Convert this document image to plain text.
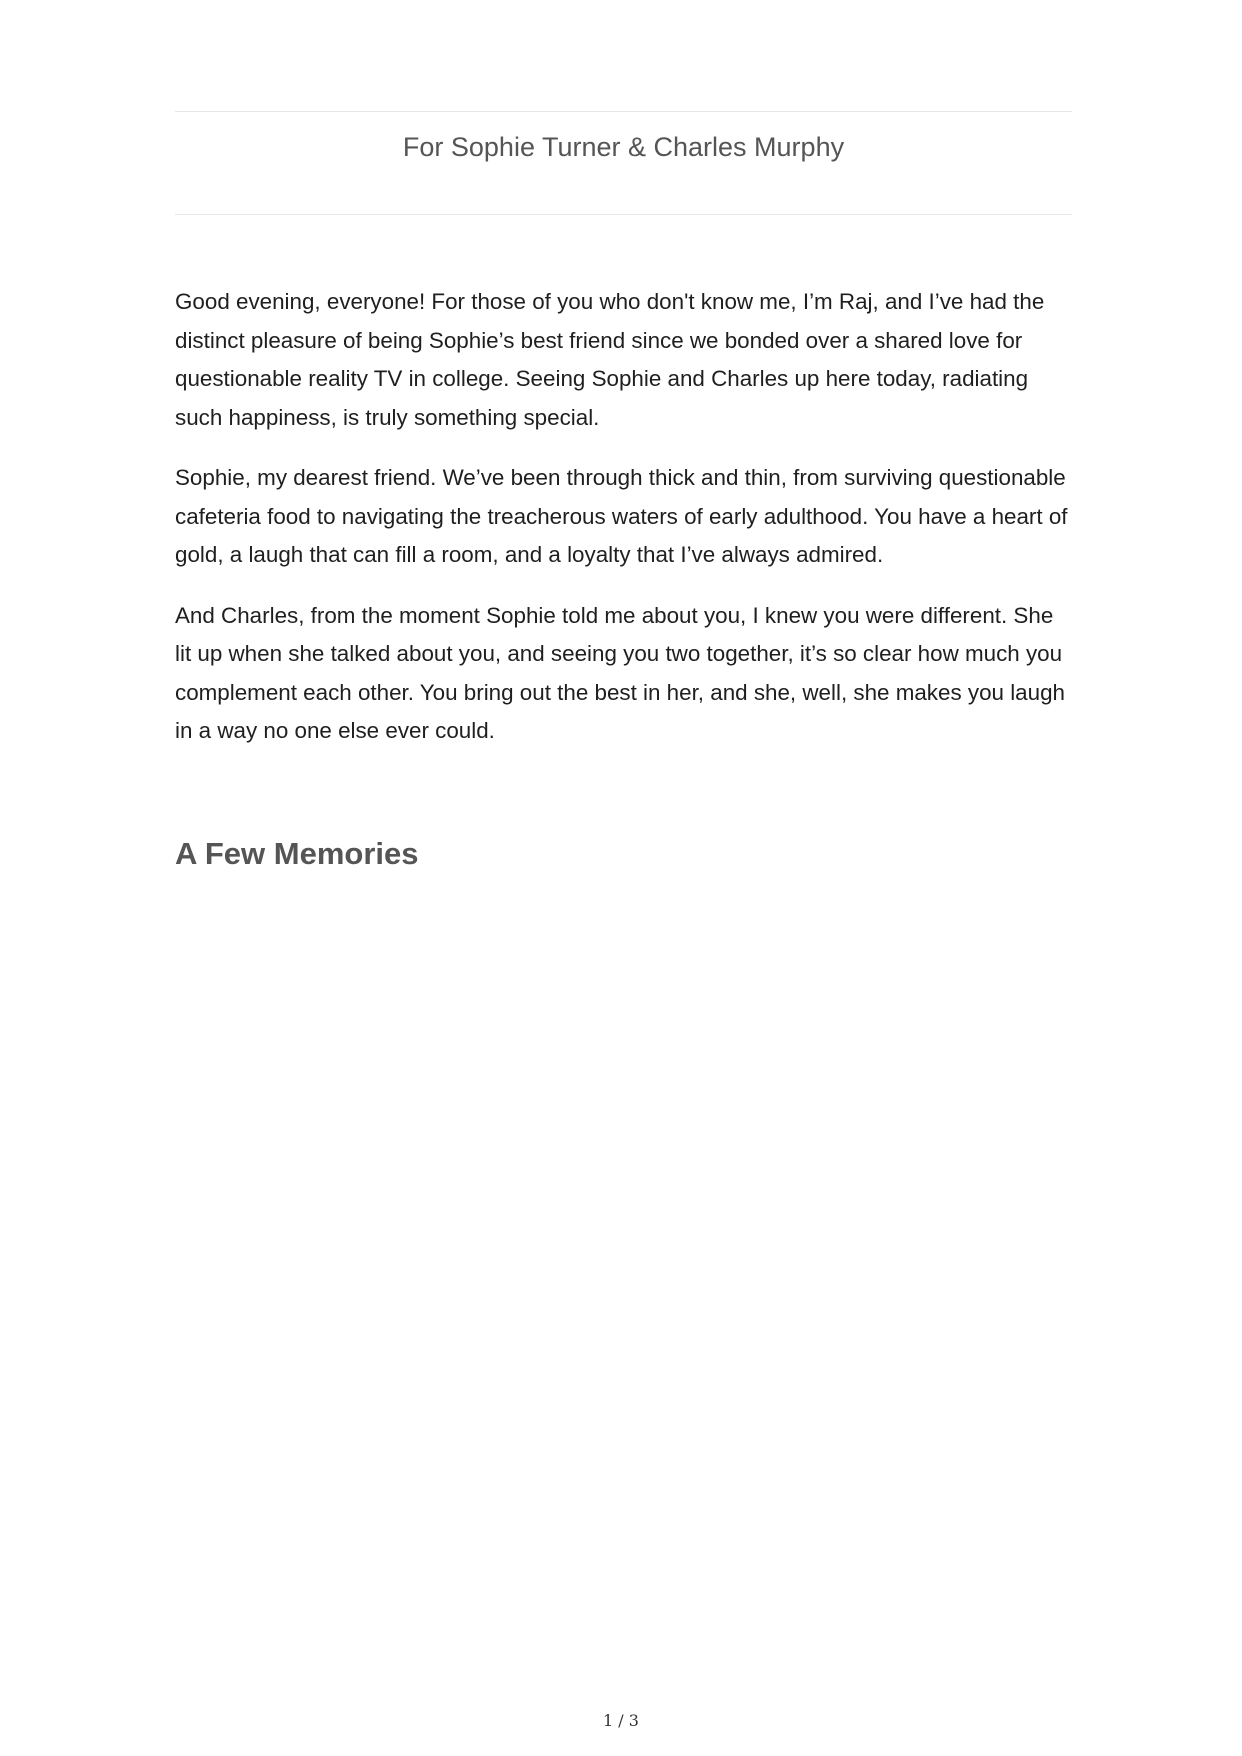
For Sophie Turner & Charles Murphy

Good evening, everyone! For those of you who don't know me, I’m Raj, and I’ve had the distinct pleasure of being Sophie’s best friend since we bonded over a shared love for questionable reality TV in college. Seeing Sophie and Charles up here today, radiating such happiness, is truly something special.

Sophie, my dearest friend. We’ve been through thick and thin, from surviving questionable cafeteria food to navigating the treacherous waters of early adulthood. You have a heart of gold, a laugh that can fill a room, and a loyalty that I’ve always admired.

And Charles, from the moment Sophie told me about you, I knew you were different. She lit up when she talked about you, and seeing you two together, it’s so clear how much you complement each other. You bring out the best in her, and she, well, she makes you laugh in a way no one else ever could.

A Few Memories
1 / 3
